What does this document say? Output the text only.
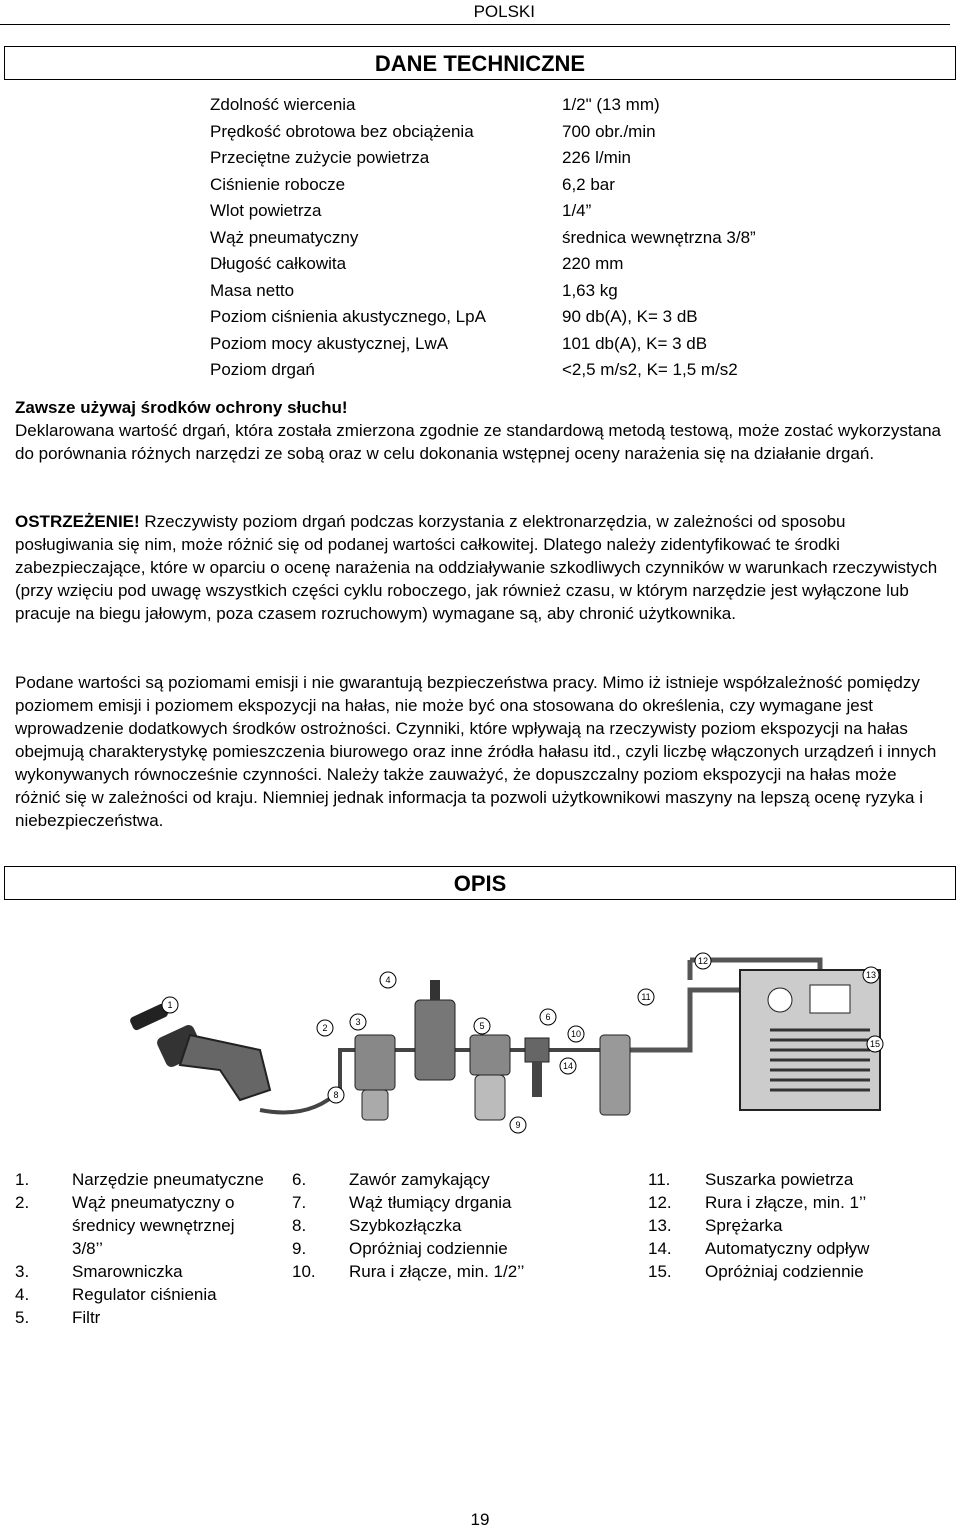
POLSKI
DANE TECHNICZNE
Zdolność wiercenia	1/2" (13 mm)
Prędkość obrotowa bez obciążenia	700 obr./min
Przeciętne zużycie powietrza	226 l/min
Ciśnienie robocze	6,2 bar
Wlot powietrza	1/4”
Wąż pneumatyczny	średnica wewnętrzna 3/8”
Długość całkowita	220 mm
Masa netto	1,63 kg
Poziom ciśnienia akustycznego, LpA	90 db(A), K= 3 dB
Poziom mocy akustycznej, LwA	101 db(A), K= 3 dB
Poziom drgań	<2,5 m/s2, K= 1,5 m/s2
Zawsze używaj środków ochrony słuchu!
Deklarowana wartość drgań, która została zmierzona zgodnie ze standardową metodą testową, może zostać wykorzystana do porównania różnych narzędzi ze sobą oraz w celu dokonania wstępnej oceny narażenia się na działanie drgań.
OSTRZEŻENIE! Rzeczywisty poziom drgań podczas korzystania z elektronarzędzia, w zależności od sposobu posługiwania się nim, może różnić się od podanej wartości całkowitej. Dlatego należy zidentyfikować te środki zabezpieczające, które w oparciu o ocenę narażenia na oddziaływanie szkodliwych czynników w warunkach rzeczywistych (przy wzięciu pod uwagę wszystkich części cyklu roboczego, jak również czasu, w którym narzędzie jest wyłączone lub pracuje na biegu jałowym, poza czasem rozruchowym) wymagane są, aby chronić użytkownika.
Podane wartości są poziomami emisji i nie gwarantują bezpieczeństwa pracy. Mimo iż istnieje współzależność pomiędzy poziomem emisji i poziomem ekspozycji na hałas, nie może być ona stosowana do określenia, czy wymagane jest wprowadzenie dodatkowych środków ostrożności. Czynniki, które wpływają na rzeczywisty poziom ekspozycji na hałas obejmują charakterystykę pomieszczenia biurowego oraz inne źródła hałasu itd., czyli liczbę włączonych urządzeń i innych wykonywanych równocześnie czynności. Należy także zauważyć, że dopuszczalny poziom ekspozycji na hałas może różnić się w zależności od kraju. Niemniej jednak informacja ta pozwoli użytkownikowi maszyny na lepszą ocenę ryzyka i niebezpieczeństwa.
OPIS
1
2
3
4
5
6
7
8
9
10
11
12
13
14
15
1.	Narzędzie pneumatyczne
2.	Wąż pneumatyczny o średnicy wewnętrznej 3/8’’
3.	Smarowniczka
4.	Regulator ciśnienia
5.	Filtr
6.	Zawór zamykający
7.	Wąż tłumiący drgania
8.	Szybkozłączka
9.	Opróżniaj codziennie
10. Rura i złącze, min. 1/2’’
11. Suszarka powietrza
12. Rura i złącze, min. 1’’
13. Sprężarka
14. Automatyczny odpływ
15. Opróżniaj codziennie
19
